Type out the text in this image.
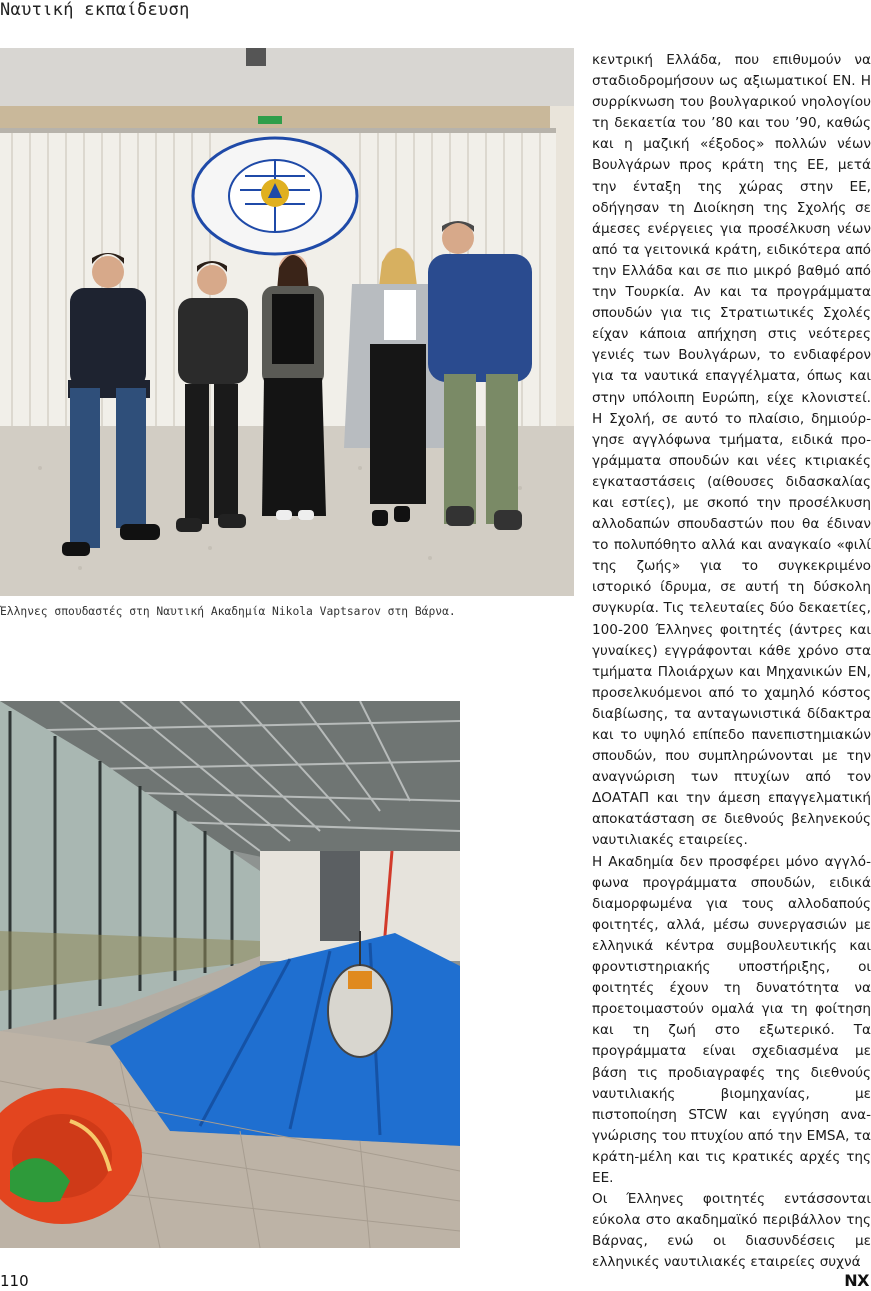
Ναυτική εκπαίδευση
Έλληνες σπουδαστές στη Ναυτική Ακαδημία Nikola Vaptsarov στη Βάρνα.

κεντρική Ελλάδα, που επιθυμούν να σταδιοδρομήσουν ως αξιωματικοί ΕΝ. Η συρρίκνωση του βουλγαρικού νηολογίου τη δεκαετία του ’80 και του ’90, καθώς και η μαζική «έξοδος» πολλών νέων Βουλγάρων προς κράτη της ΕΕ, μετά την ένταξη της χώρας στην ΕΕ, οδήγησαν τη Διοίκηση της Σχολής σε άμεσες ενέργειες για προσέλκυση νέων από τα γειτονικά κράτη, ειδικότερα από την Ελλάδα και σε πιο μικρό βαθμό από την Τουρκία. Αν και τα προγράμματα σπουδών για τις Στρατιωτικές Σχολές είχαν κάποια απήχηση στις νεότερες γενιές των Βουλγάρων, το ενδιαφέρον για τα ναυτικά επαγγέλματα, όπως και στην υπόλοιπη Ευρώπη, είχε κλονιστεί. Η Σχολή, σε αυτό το πλαίσιο, δημιούργησε αγγλόφωνα τμήματα, ειδικά προγράμματα σπουδών και νέες κτιριακές εγκαταστάσεις (αίθουσες διδασκαλίας και εστίες), με σκοπό την προσέλκυση αλλοδαπών σπουδαστών που θα έδιναν το πολυπόθητο αλλά και αναγκαίο «φιλί της ζωής» για το συγκεκριμένο ιστορικό ίδρυμα, σε αυτή τη δύσκολη συγκυρία. Τις τελευταίες δύο δεκαετίες, 100-200 Έλληνες φοιτητές (άντρες και γυναίκες) εγγράφονται κάθε χρόνο στα τμήματα Πλοιάρχων και Μηχανικών ΕΝ, προσελκυόμενοι από το χαμηλό κόστος διαβίωσης, τα ανταγωνιστικά δίδακτρα και το υψηλό επίπεδο πανεπιστημιακών σπουδών, που συμπληρώνονται με την αναγνώριση των πτυχίων από τον ΔΟΑΤΑΠ και την άμεση επαγγελματική αποκατάσταση σε διεθνούς βεληνεκούς ναυτιλιακές εταιρείες.

Η Ακαδημία δεν προσφέρει μόνο αγγλόφωνα προγράμματα σπουδών, ειδικά διαμορφωμένα για τους αλλοδαπούς φοιτητές, αλλά, μέσω συνεργασιών με ελληνικά κέντρα συμβουλευτικής και φροντιστηριακής υποστήριξης, οι φοιτητές έχουν τη δυνατότητα να προετοιμαστούν ομαλά για τη φοίτηση και τη ζωή στο εξωτερικό. Τα προγράμματα είναι σχεδιασμένα με βάση τις προδιαγραφές της διεθνούς ναυτιλιακής βιομηχανίας, με πιστοποίηση STCW και εγγύηση αναγνώρισης του πτυχίου από την EMSA, τα κράτη-μέλη και τις κρατικές αρχές της ΕΕ.

Οι Έλληνες φοιτητές εντάσσονται εύκολα στο ακαδημαϊκό περιβάλλον της Βάρνας, ενώ οι διασυνδέσεις με ελληνικές ναυτιλιακές εταιρείες συχνά

110	NX
